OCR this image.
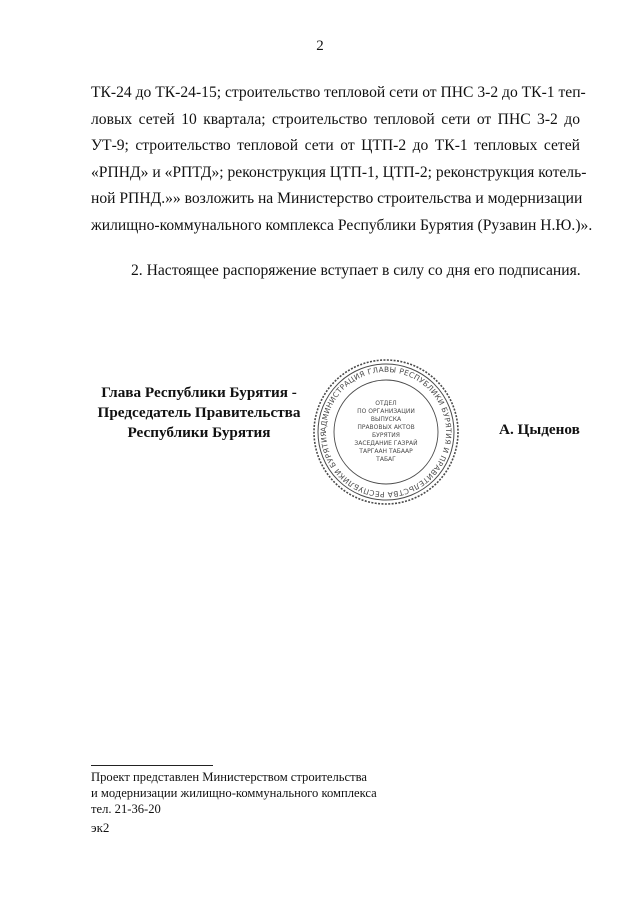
2
ТК-24 до ТК-24-15; строительство тепловой сети от ПНС 3-2 до ТК-1 теп-
ловых сетей 10 квартала; строительство тепловой сети от ПНС 3-2 до
УТ-9; строительство тепловой сети от ЦТП-2 до ТК-1 тепловых сетей
«РПНД» и «РПТД»; реконструкция ЦТП-1, ЦТП-2; реконструкция котель-
ной РПНД.»» возложить на Министерство строительства и модернизации
жилищно-коммунального комплекса Республики Бурятия (Рузавин Н.Ю.)».
2. Настоящее распоряжение вступает в силу со дня его подписания.
Глава Республики Бурятия -
Председатель Правительства
Республики Бурятия	АДМИНИСТРАЦИЯ ГЛАВЫ РЕСПУБЛИКИ БУРЯТИЯ И ПРАВИТЕЛЬСТВА РЕСПУБЛИКИ БУРЯТИЯ
ОТДЕЛ
ПО ОРГАНИЗАЦИИ
ВЫПУСКА
ПРАВОВЫХ АКТОВ
БУРЯТИЯ
ЗАСЕДАНИЕ ГАЗРАЙ
ТАРГААН ТАБААР
ТАБАГ
А. Цыденов
Проект представлен Министерством строительства
и модернизации жилищно-коммунального комплекса
тел. 21-36-20
эк2
